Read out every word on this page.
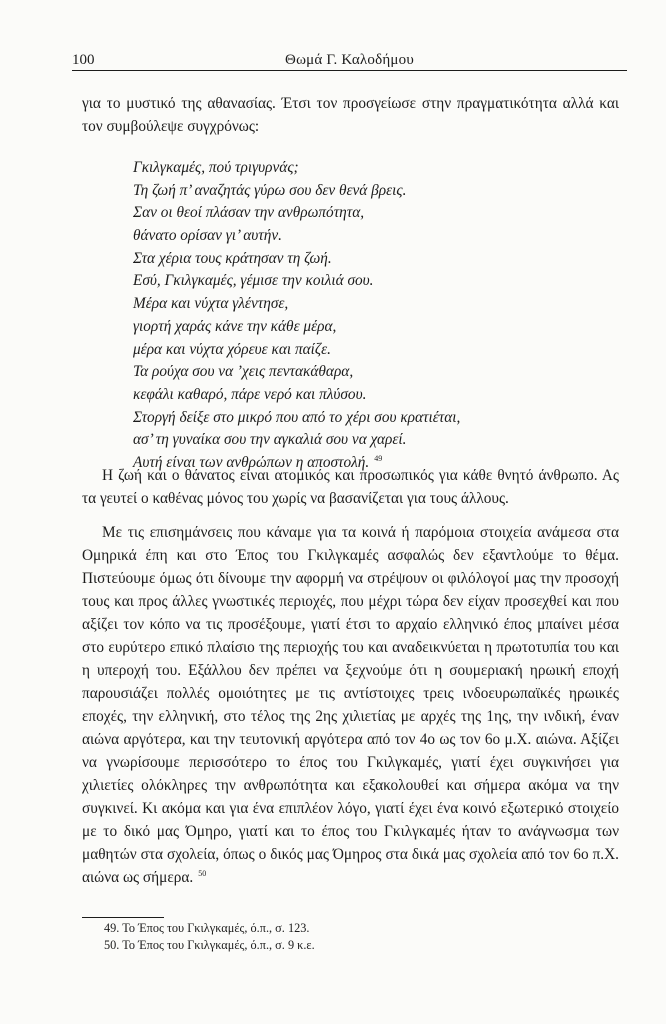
100	Θωμά Γ. Καλοδήμου

για το μυστικό της αθανασίας. Έτσι τον προσγείωσε στην πραγματικότητα αλλά και τον συμβούλεψε συγχρόνως:

Γκιλγκαμές, πού τριγυρνάς;
Τη ζωή π’ αναζητάς γύρω σου δεν θενά βρεις.
Σαν οι θεοί πλάσαν την ανθρωπότητα,
θάνατο ορίσαν γι’ αυτήν.
Στα χέρια τους κράτησαν τη ζωή.
Εσύ, Γκιλγκαμές, γέμισε την κοιλιά σου.
Μέρα και νύχτα γλέντησε,
γιορτή χαράς κάνε την κάθε μέρα,
μέρα και νύχτα χόρευε και παίζε.
Τα ρούχα σου να ’χεις πεντακάθαρα,
κεφάλι καθαρό, πάρε νερό και πλύσου.
Στοργή δείξε στο μικρό που από το χέρι σου κρατιέται,
ασ’ τη γυναίκα σου την αγκαλιά σου να χαρεί.
Αυτή είναι των ανθρώπων η αποστολή. $^{49}$

Η ζωή και ο θάνατος είναι ατομικός και προσωπικός για κάθε θνητό άνθρωπο. Ας τα γευτεί ο καθένας μόνος του χωρίς να βασανίζεται για τους άλλους.

Με τις επισημάνσεις που κάναμε για τα κοινά ή παρόμοια στοιχεία ανάμεσα στα Ομηρικά έπη και στο Έπος του Γκιλγκαμές ασφαλώς δεν εξαντλούμε το θέμα. Πιστεύουμε όμως ότι δίνουμε την αφορμή να στρέψουν οι φιλόλογοί μας την προσοχή τους και προς άλλες γνωστικές περιοχές, που μέχρι τώρα δεν είχαν προσεχθεί και που αξίζει τον κόπο να τις προσέξουμε, γιατί έτσι το αρχαίο ελληνικό έπος μπαίνει μέσα στο ευρύτερο επικό πλαίσιο της περιοχής του και αναδεικνύεται η πρωτοτυπία του και η υπεροχή του. Εξάλλου δεν πρέπει να ξεχνούμε ότι η σουμεριακή ηρωική εποχή παρουσιάζει πολλές ομοιότητες με τις αντίστοιχες τρεις ινδοευρωπαϊκές ηρωικές εποχές, την ελληνική, στο τέλος της 2ης χιλιετίας με αρχές της 1ης, την ινδική, έναν αιώνα αργότερα, και την τευτονική αργότερα από τον 4ο ως τον 6ο μ.Χ. αιώνα. Αξίζει να γνωρίσουμε περισσότερο το έπος του Γκιλγκαμές, γιατί έχει συγκινήσει για χιλιετίες ολόκληρες την ανθρωπότητα και εξακολουθεί και σήμερα ακόμα να την συγκινεί. Κι ακόμα και για ένα επιπλέον λόγο, γιατί έχει ένα κοινό εξωτερικό στοιχείο με το δικό μας Όμηρο, γιατί και το έπος του Γκιλγκαμές ήταν το ανάγνωσμα των μαθητών στα σχολεία, όπως ο δικός μας Όμηρος στα δικά μας σχολεία από τον 6ο π.Χ. αιώνα ως σήμερα. $^{50}$

49. Το Έπος του Γκιλγκαμές, ό.π., σ. 123.
50. Το Έπος του Γκιλγκαμές, ό.π., σ. 9 κ.ε.
